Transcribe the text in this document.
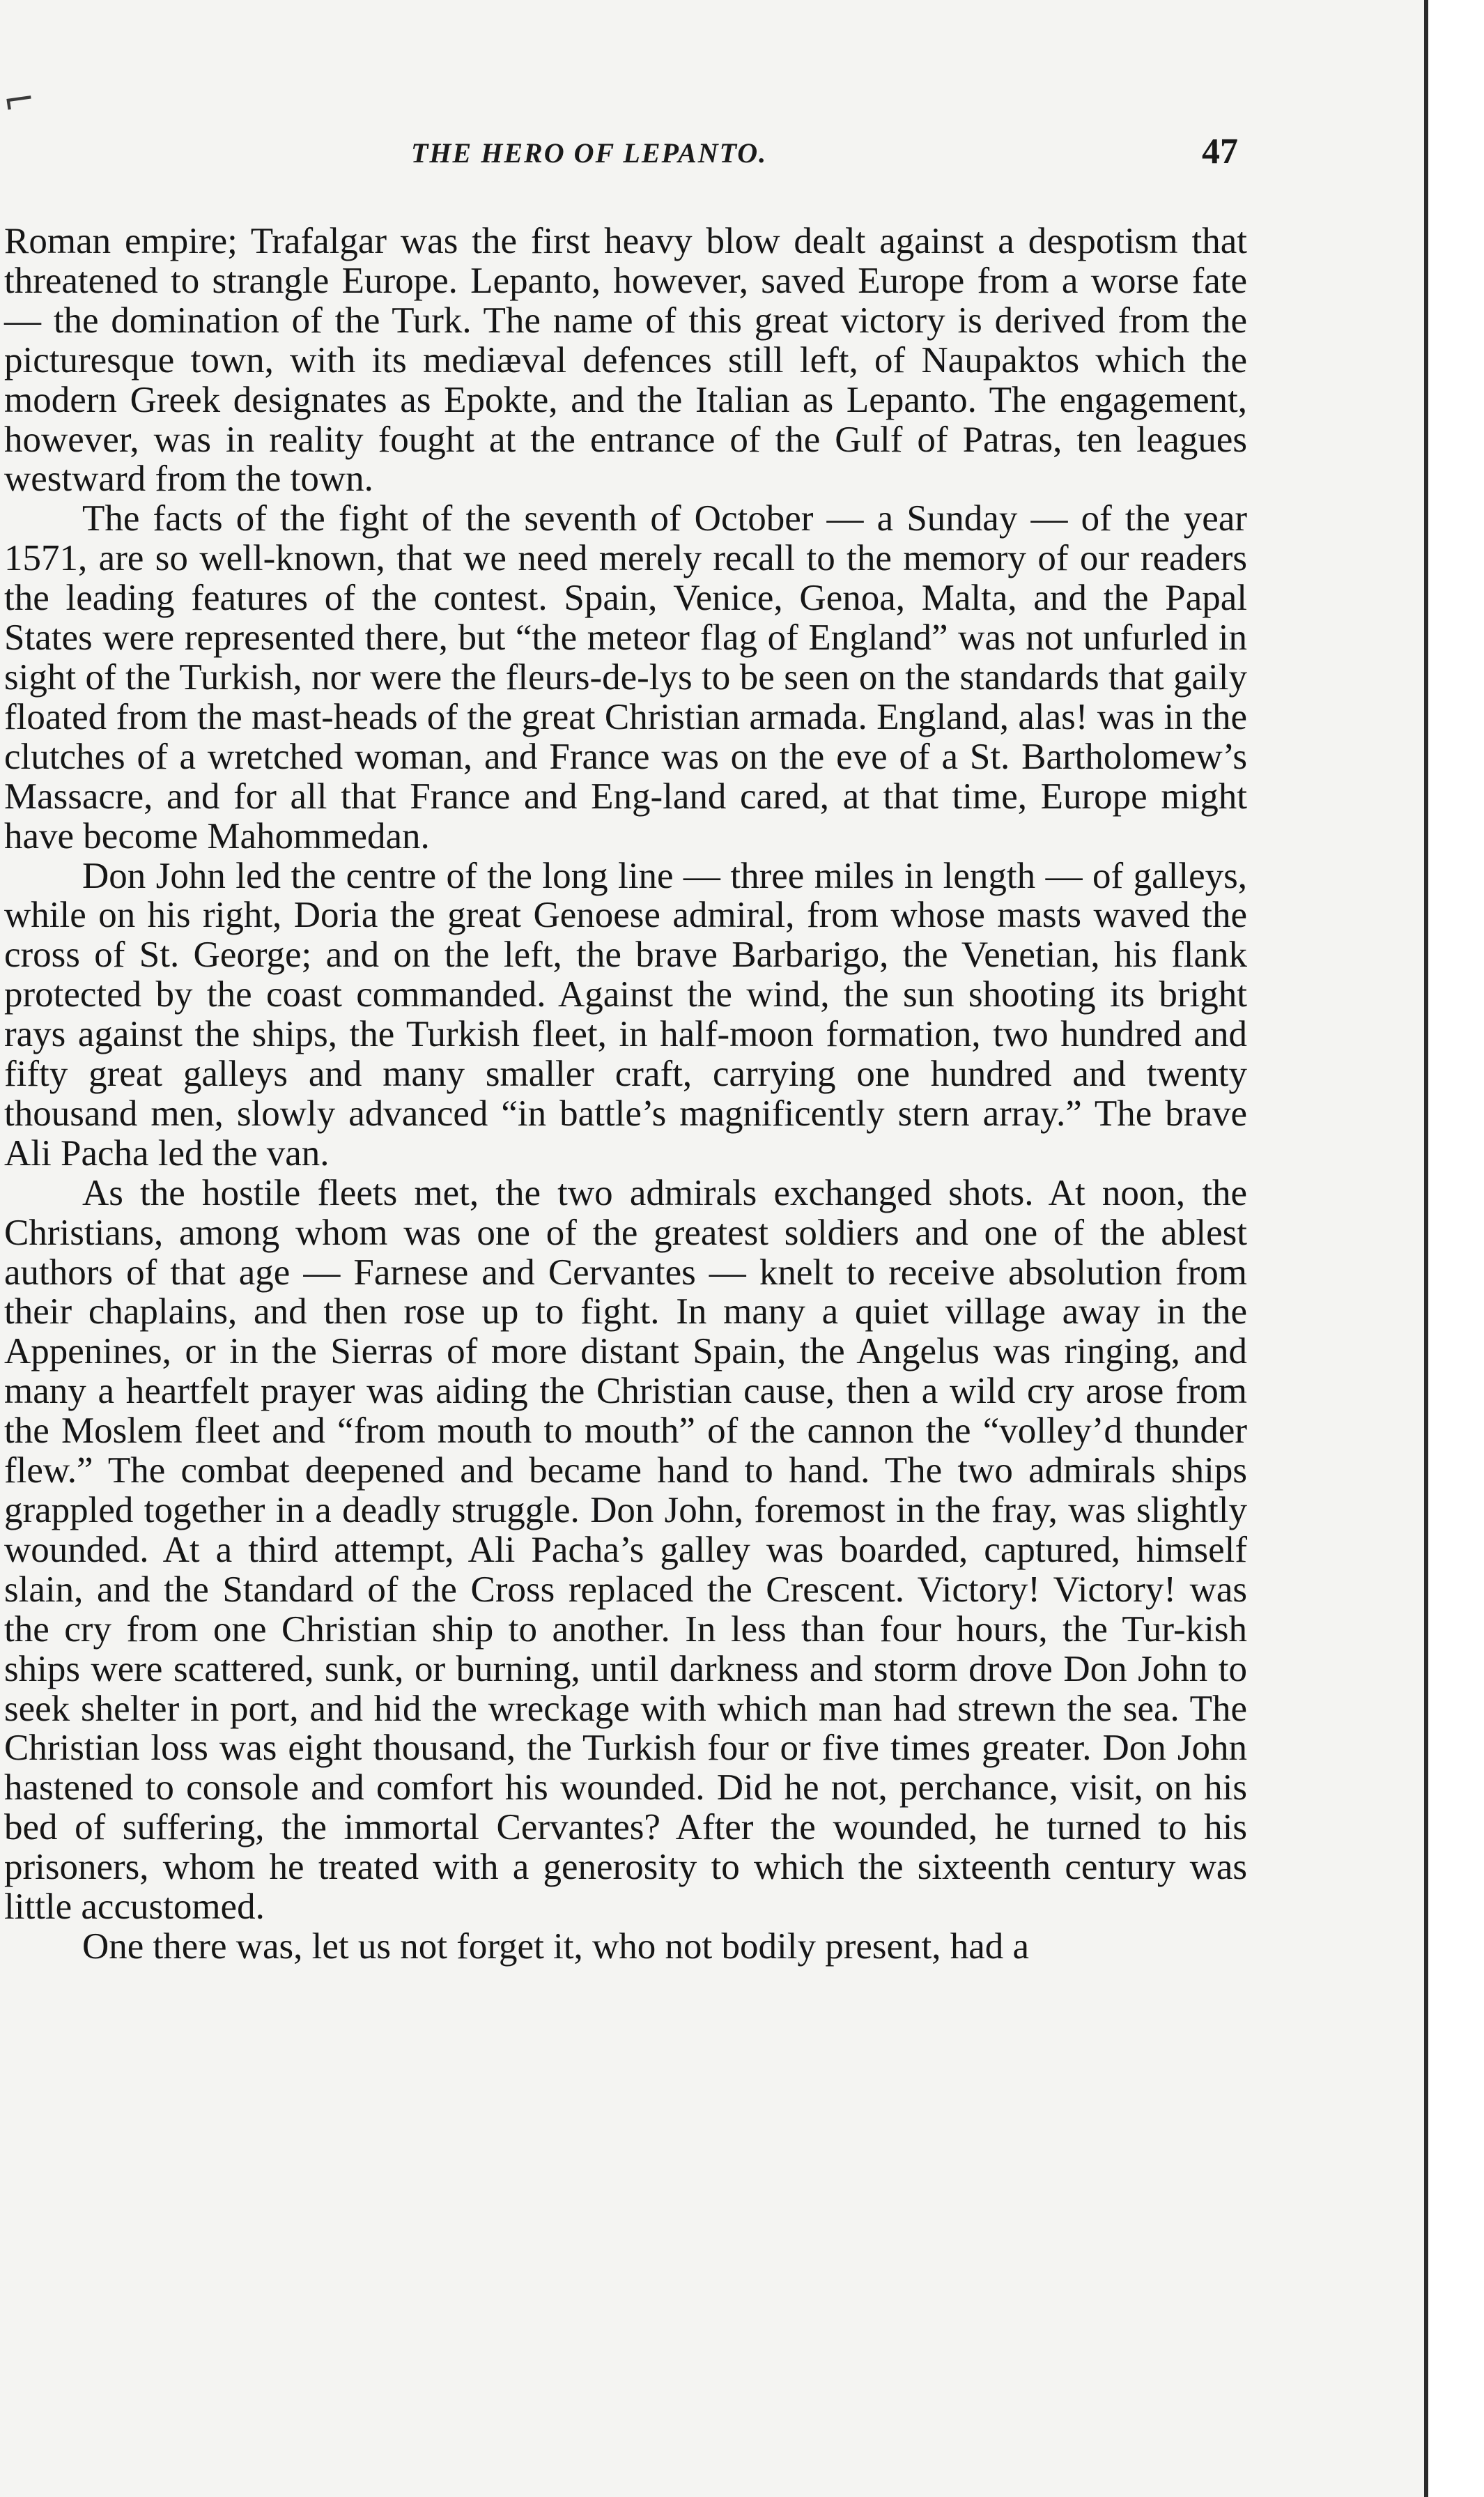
⌐
THE HERO OF LEPANTO.	47

Roman empire; Trafalgar was the first heavy blow dealt against a despotism that threatened to strangle Europe. Lepanto, however, saved Europe from a worse fate — the domination of the Turk. The name of this great victory is derived from the picturesque town, with its mediæval defences still left, of Naupaktos which the modern Greek designates as Epokte, and the Italian as Lepanto. The engagement, however, was in reality fought at the entrance of the Gulf of Patras, ten leagues westward from the town.

The facts of the fight of the seventh of October — a Sunday — of the year 1571, are so well-known, that we need merely recall to the memory of our readers the leading features of the contest. Spain, Venice, Genoa, Malta, and the Papal States were represented there, but “the meteor flag of England” was not unfurled in sight of the Turkish, nor were the fleurs-de-lys to be seen on the standards that gaily floated from the mast-heads of the great Christian armada. England, alas! was in the clutches of a wretched woman, and France was on the eve of a St. Bartholomew’s Massacre, and for all that France and Eng-land cared, at that time, Europe might have become Mahommedan.

Don John led the centre of the long line — three miles in length — of galleys, while on his right, Doria the great Genoese admiral, from whose masts waved the cross of St. George; and on the left, the brave Barbarigo, the Venetian, his flank protected by the coast commanded. Against the wind, the sun shooting its bright rays against the ships, the Turkish fleet, in half-moon formation, two hundred and fifty great galleys and many smaller craft, carrying one hundred and twenty thousand men, slowly advanced “in battle’s magnificently stern array.” The brave Ali Pacha led the van.

As the hostile fleets met, the two admirals exchanged shots. At noon, the Christians, among whom was one of the greatest soldiers and one of the ablest authors of that age — Farnese and Cervantes — knelt to receive absolution from their chaplains, and then rose up to fight. In many a quiet village away in the Appenines, or in the Sierras of more distant Spain, the Angelus was ringing, and many a heartfelt prayer was aiding the Christian cause, then a wild cry arose from the Moslem fleet and “from mouth to mouth” of the cannon the “volley’d thunder flew.” The combat deepened and became hand to hand. The two admirals ships grappled together in a deadly struggle. Don John, foremost in the fray, was slightly wounded. At a third attempt, Ali Pacha’s galley was boarded, captured, himself slain, and the Standard of the Cross replaced the Crescent. Victory! Victory! was the cry from one Christian ship to another. In less than four hours, the Tur-kish ships were scattered, sunk, or burning, until darkness and storm drove Don John to seek shelter in port, and hid the wreckage with which man had strewn the sea. The Christian loss was eight thousand, the Turkish four or five times greater. Don John hastened to console and comfort his wounded. Did he not, perchance, visit, on his bed of suffering, the immortal Cervantes? After the wounded, he turned to his prisoners, whom he treated with a generosity to which the sixteenth century was little accustomed.

One there was, let us not forget it, who not bodily present, had a
